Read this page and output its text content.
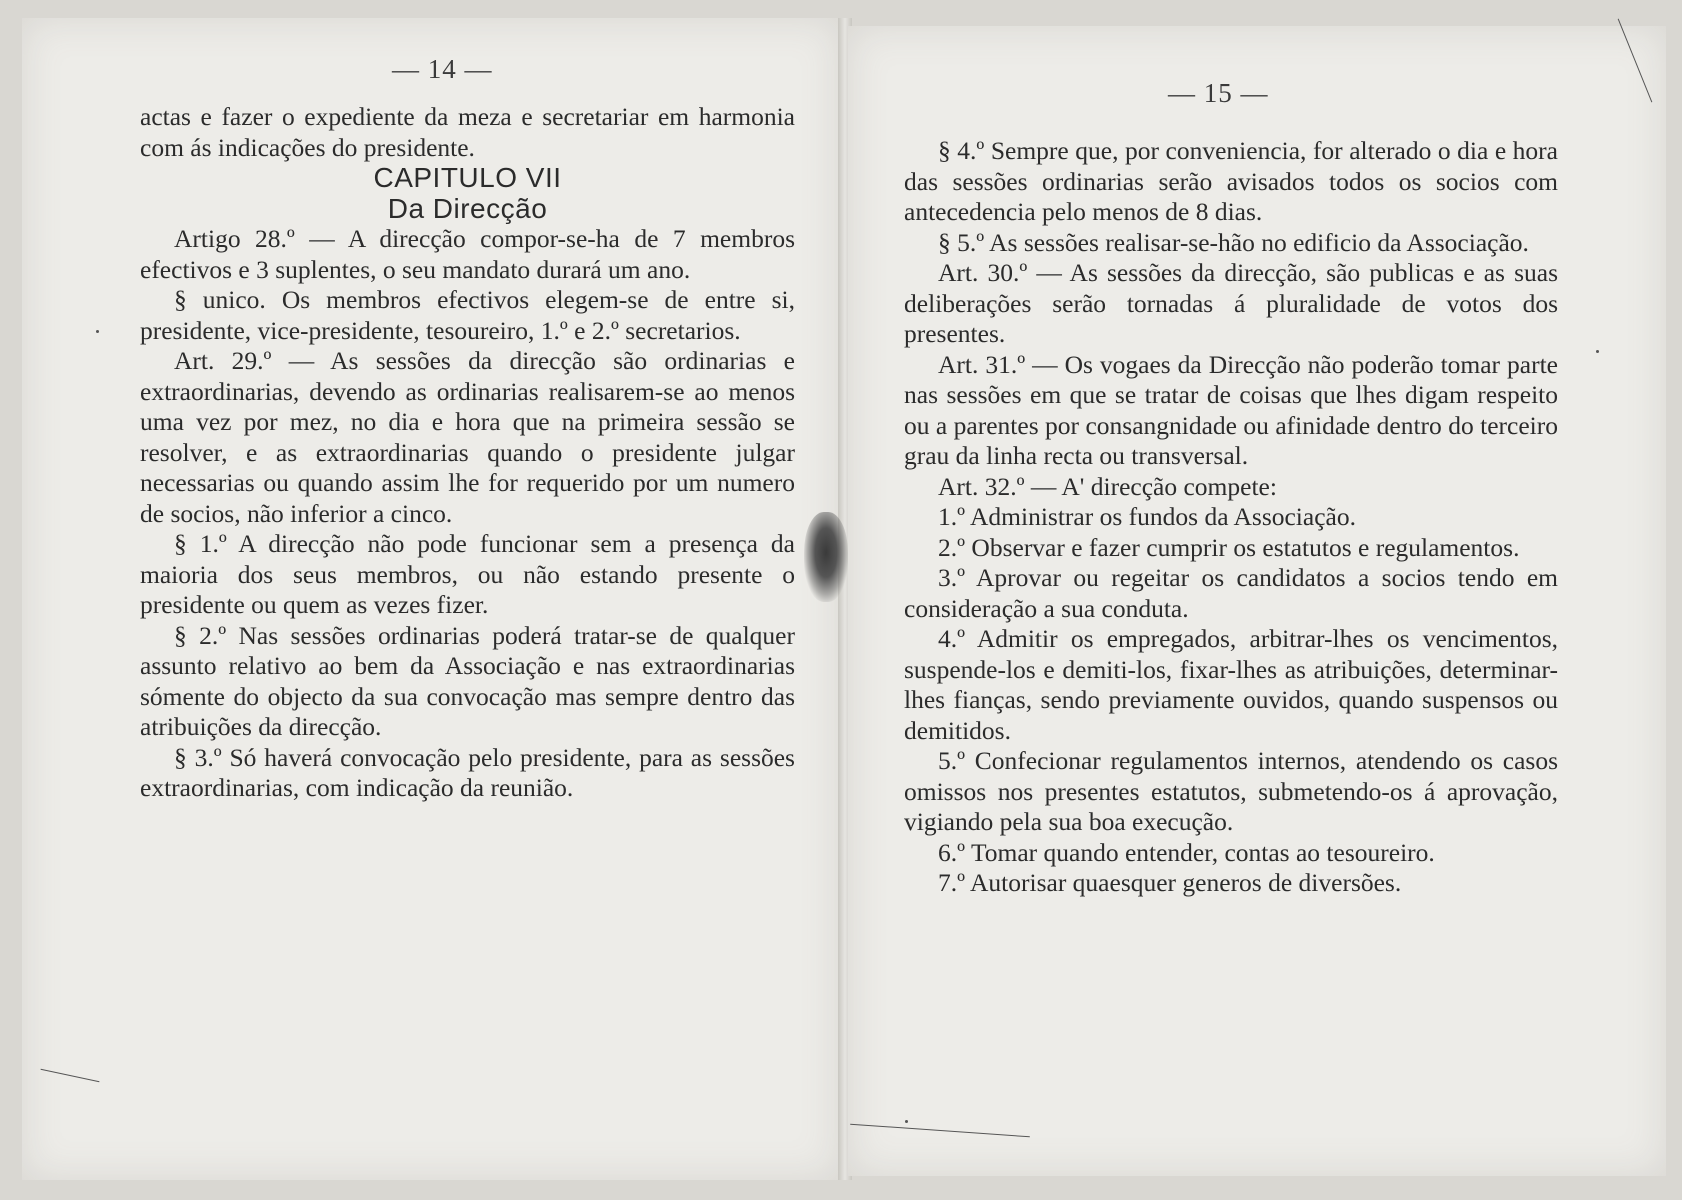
— 14 —

actas e fazer o expediente da meza e secretariar em harmonia com ás indicações do presidente.

CAPITULO VII

Da Direcção

Artigo 28.º — A direcção compor-se-ha de 7 membros efectivos e 3 suplentes, o seu mandato durará um ano.

§ unico. Os membros efectivos elegem-se de entre si, presidente, vice-presidente, tesoureiro, 1.º e 2.º secretarios.

Art. 29.º — As sessões da direcção são ordinarias e extraordinarias, devendo as ordinarias realisarem-se ao menos uma vez por mez, no dia e hora que na primeira sessão se resolver, e as extraordinarias quando o presidente julgar necessarias ou quando assim lhe for requerido por um numero de socios, não inferior a cinco.

§ 1.º A direcção não pode funcionar sem a presença da maioria dos seus membros, ou não estando presente o presidente ou quem as vezes fizer.

§ 2.º Nas sessões ordinarias poderá tratar-se de qualquer assunto relativo ao bem da Associação e nas extraordinarias sómente do objecto da sua convocação mas sempre dentro das atribuições da direcção.

§ 3.º Só haverá convocação pelo presidente, para as sessões extraordinarias, com indicação da reunião.

— 15 —

§ 4.º Sempre que, por conveniencia, for alterado o dia e hora das sessões ordinarias serão avisados todos os socios com antecedencia pelo menos de 8 dias.

§ 5.º As sessões realisar-se-hão no edificio da Associação.

Art. 30.º — As sessões da direcção, são publicas e as suas deliberações serão tornadas á pluralidade de votos dos presentes.

Art. 31.º — Os vogaes da Direcção não poderão tomar parte nas sessões em que se tratar de coisas que lhes digam respeito ou a parentes por consangnidade ou afinidade dentro do terceiro grau da linha recta ou transversal.

Art. 32.º — A' direcção compete:

1.º Administrar os fundos da Associação.

2.º Observar e fazer cumprir os estatutos e regulamentos.

3.º Aprovar ou regeitar os candidatos a socios tendo em consideração a sua conduta.

4.º Admitir os empregados, arbitrar-lhes os vencimentos, suspende-los e demiti-los, fixar-lhes as atribuições, determinar-lhes fianças, sendo previamente ouvidos, quando suspensos ou demitidos.

5.º Confecionar regulamentos internos, atendendo os casos omissos nos presentes estatutos, submetendo-os á aprovação, vigiando pela sua boa execução.

6.º Tomar quando entender, contas ao tesoureiro.

7.º Autorisar quaesquer generos de diversões.
